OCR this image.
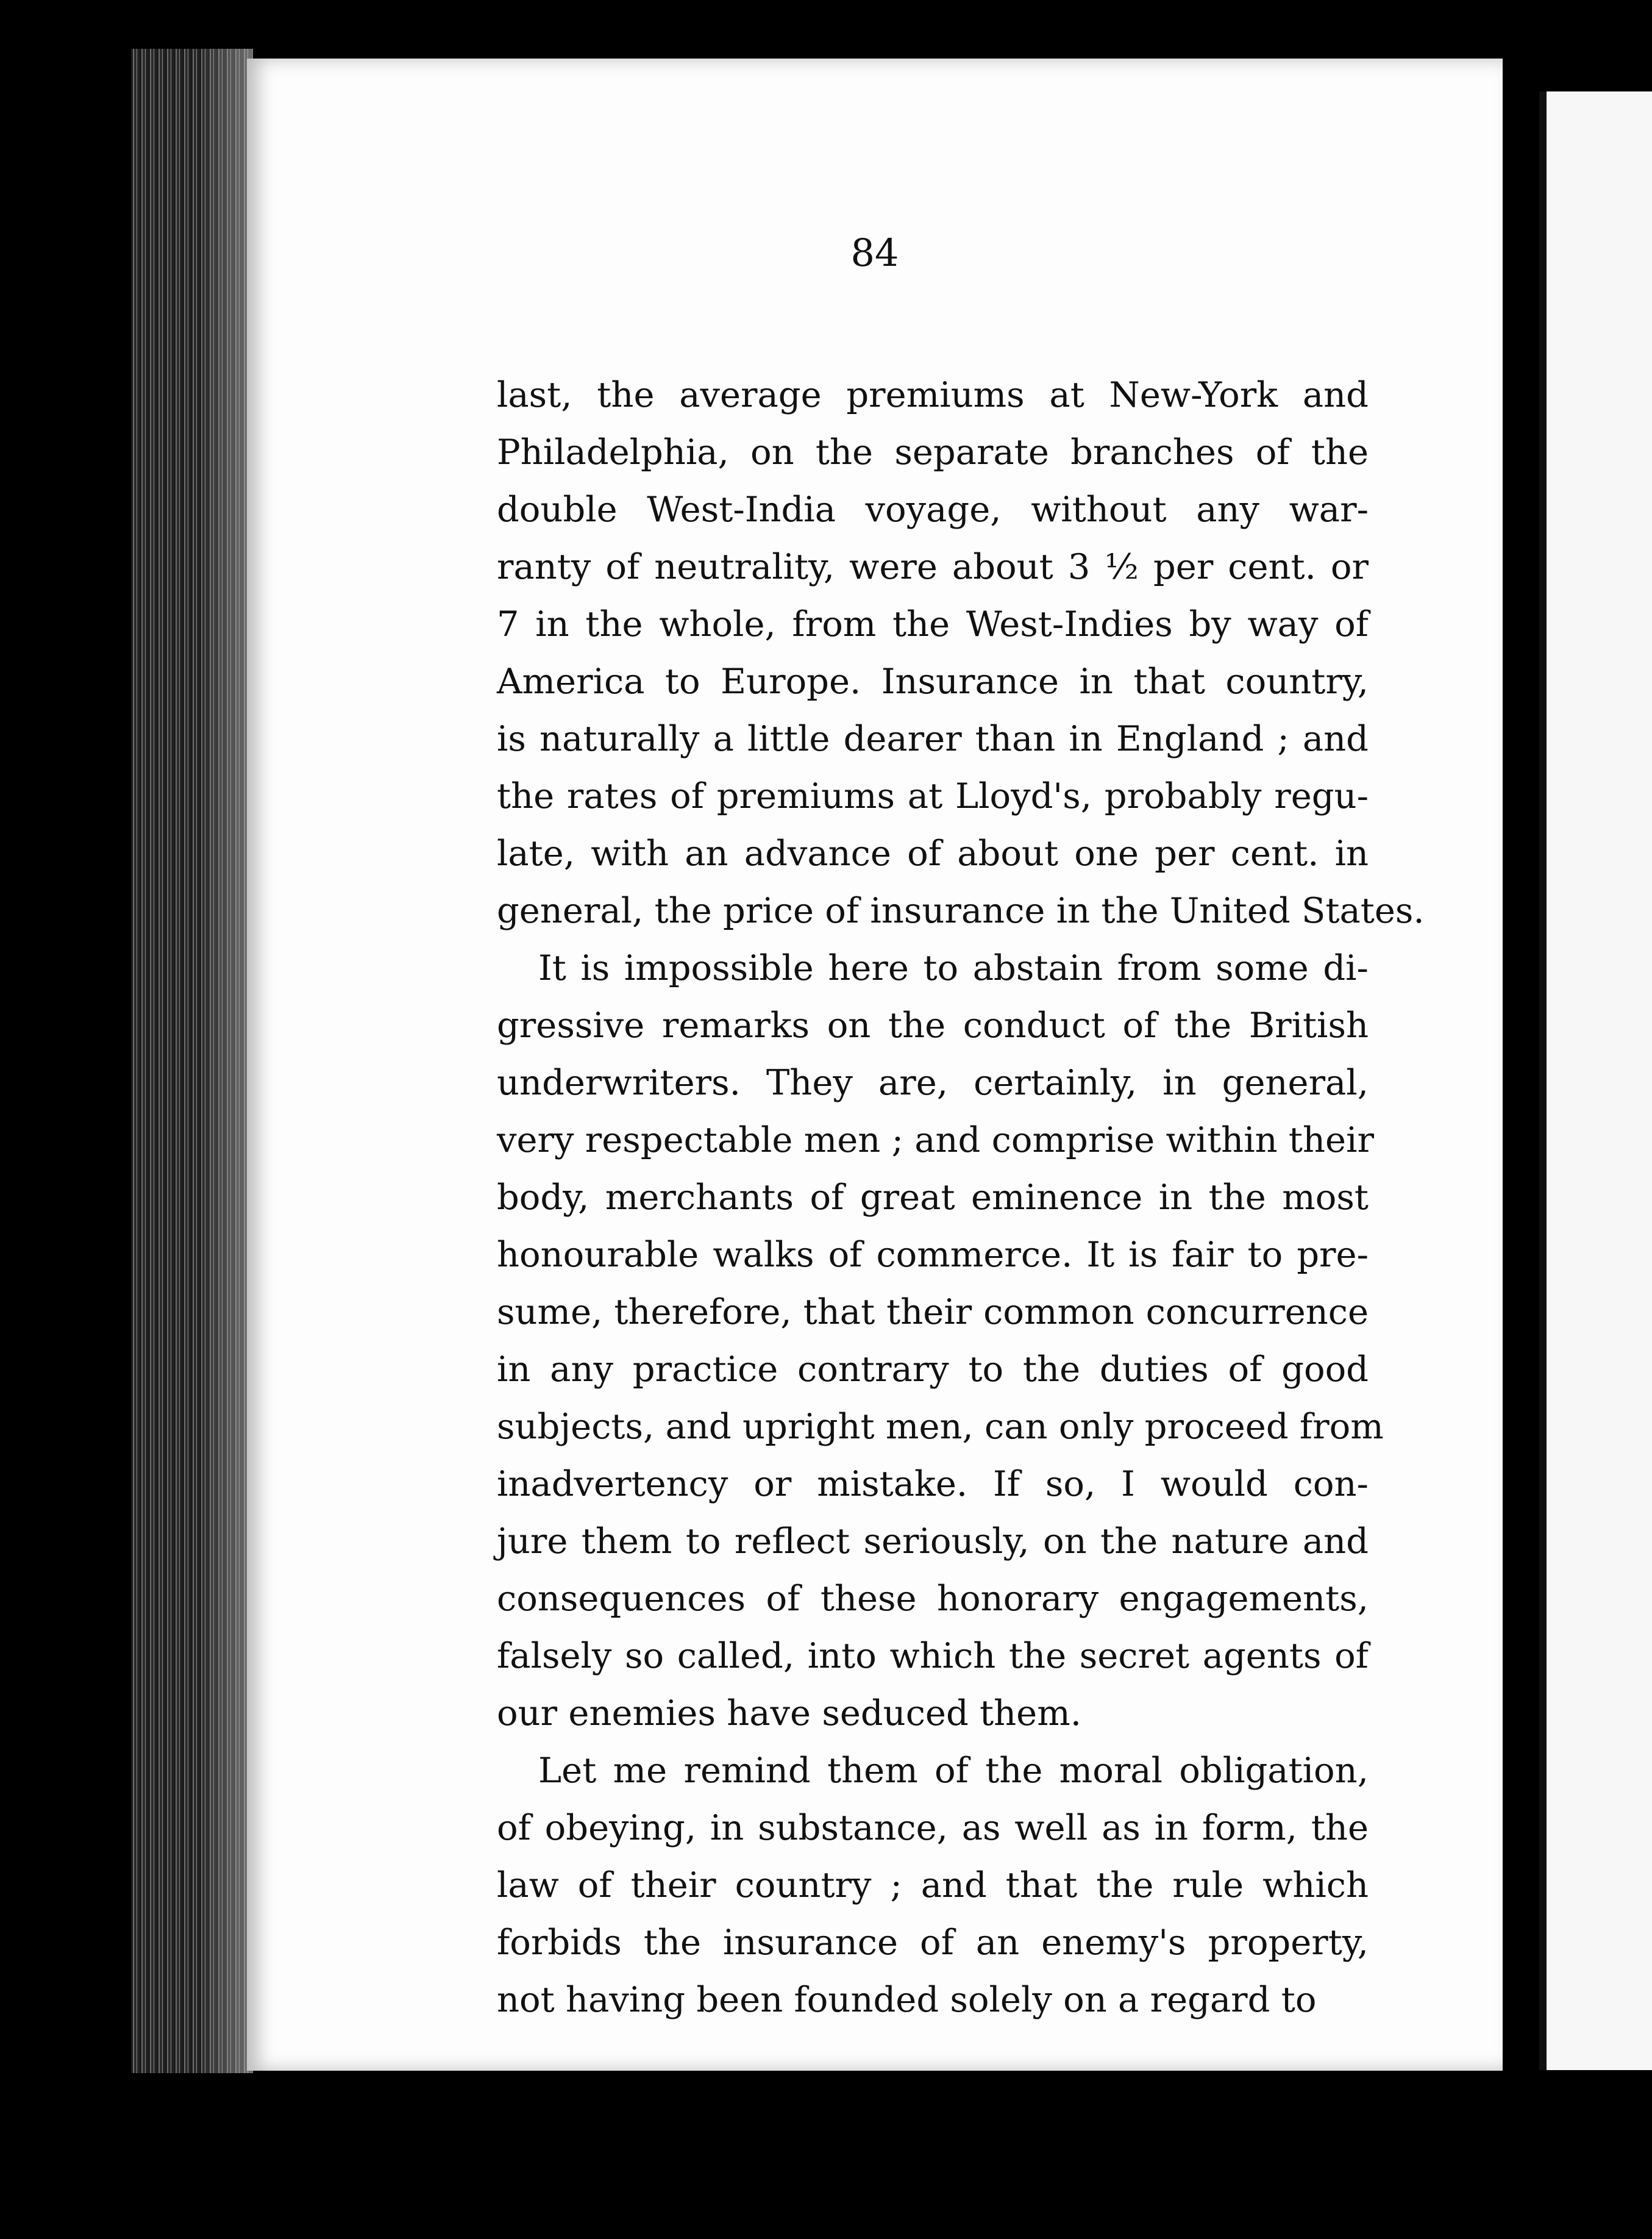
84
last, the average premiums at New-York and
Philadelphia, on the separate branches of the
double West-India voyage, without any war-
ranty of neutrality, were about 3 ½ per cent. or
7 in the whole, from the West-Indies by way of
America to Europe. Insurance in that country,
is naturally a little dearer than in England ; and
the rates of premiums at Lloyd's, probably regu-
late, with an advance of about one per cent. in
general, the price of insurance in the United States.
It is impossible here to abstain from some di-
gressive remarks on the conduct of the British
underwriters. They are, certainly, in general,
very respectable men ; and comprise within their
body, merchants of great eminence in the most
honourable walks of commerce. It is fair to pre-
sume, therefore, that their common concurrence
in any practice contrary to the duties of good
subjects, and upright men, can only proceed from
inadvertency or mistake. If so, I would con-
jure them to reflect seriously, on the nature and
consequences of these honorary engagements,
falsely so called, into which the secret agents of
our enemies have seduced them.
Let me remind them of the moral obligation,
of obeying, in substance, as well as in form, the
law of their country ; and that the rule which
forbids the insurance of an enemy's property,
not having been founded solely on a regard to
